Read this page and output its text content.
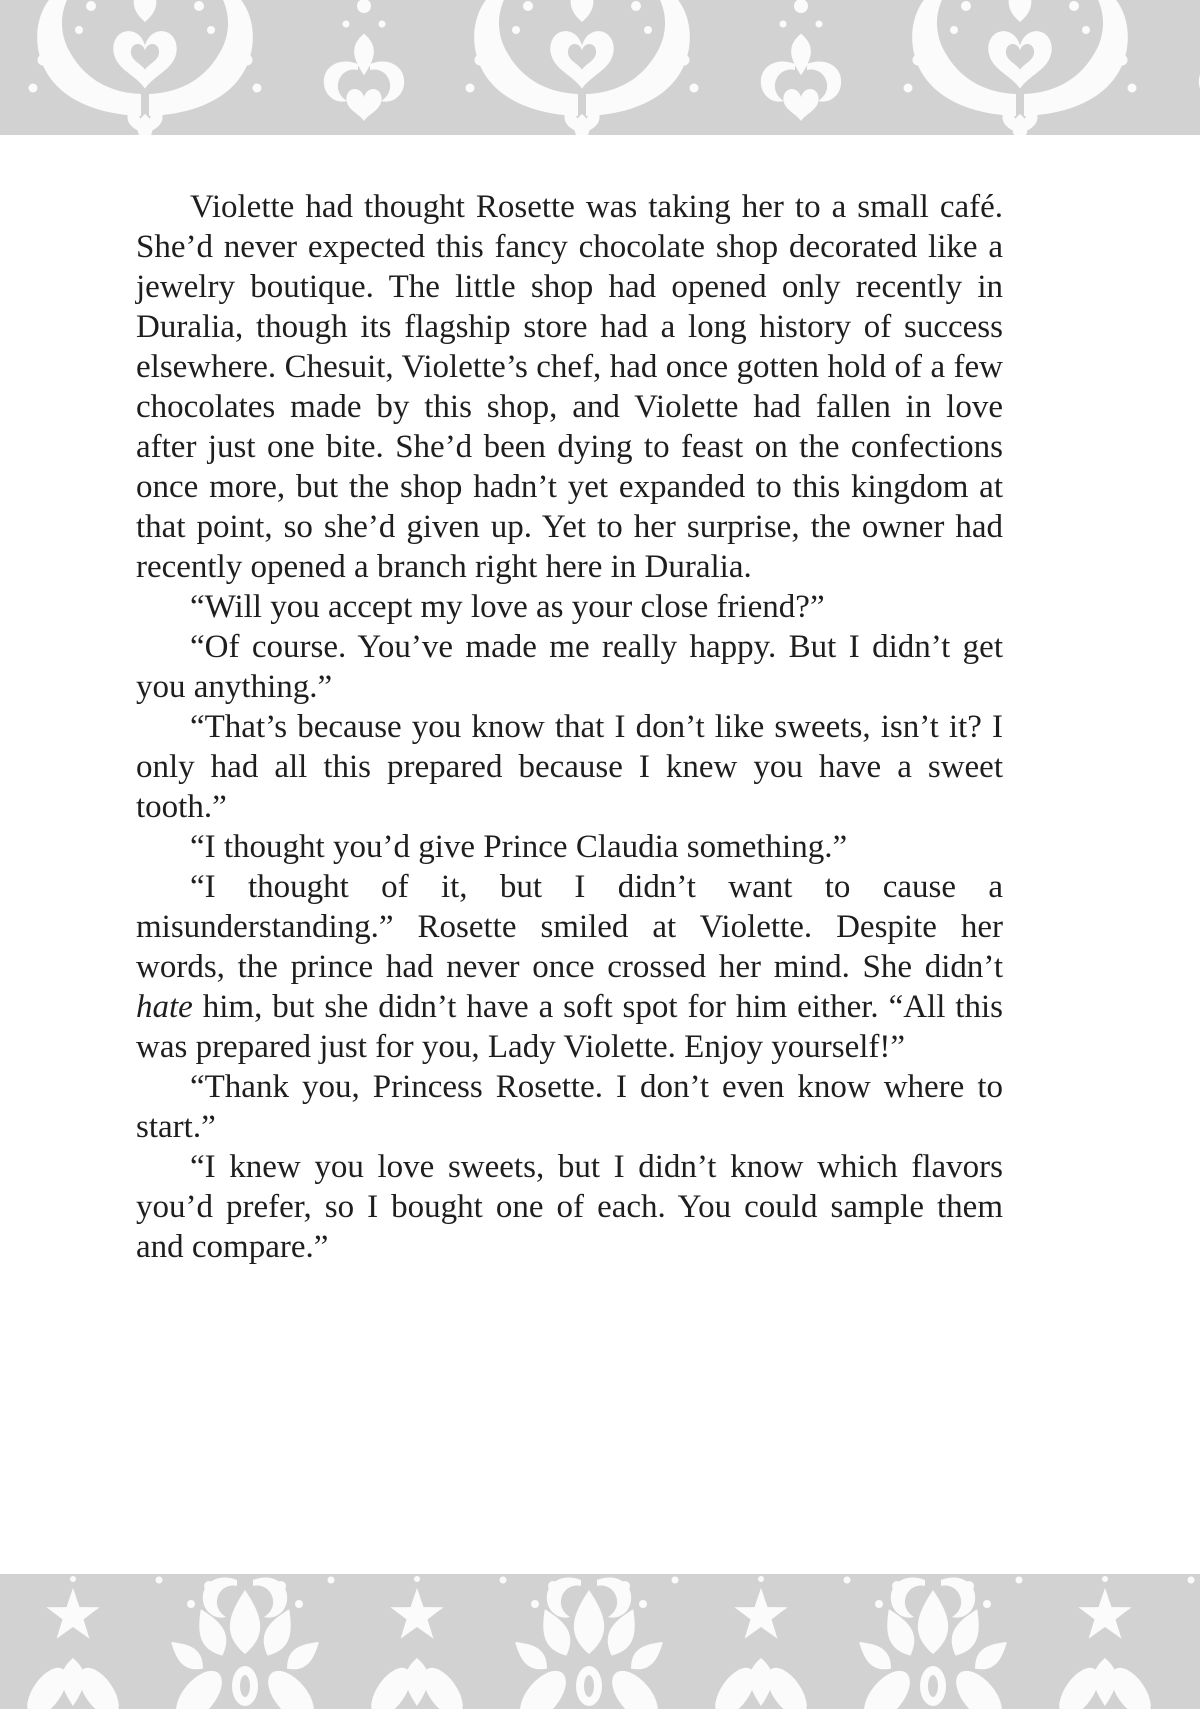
Violette had thought Rosette was taking her to a small café. She’d never expected this fancy chocolate shop decorated like a jewelry boutique. The little shop had opened only recently in Duralia, though its flagship store had a long history of success elsewhere. Chesuit, Violette’s chef, had once gotten hold of a few chocolates made by this shop, and Violette had fallen in love after just one bite. She’d been dying to feast on the confections once more, but the shop hadn’t yet expanded to this kingdom at that point, so she’d given up. Yet to her surprise, the owner had recently opened a branch right here in Duralia.

“Will you accept my love as your close friend?”

“Of course. You’ve made me really happy. But I didn’t get you anything.”

“That’s because you know that I don’t like sweets, isn’t it? I only had all this prepared because I knew you have a sweet tooth.”

“I thought you’d give Prince Claudia something.”

“I thought of it, but I didn’t want to cause a misunderstanding.” Rosette smiled at Violette. Despite her words, the prince had never once crossed her mind. She didn’t hate him, but she didn’t have a soft spot for him either. “All this was prepared just for you, Lady Violette. Enjoy yourself!”

“Thank you, Princess Rosette. I don’t even know where to start.”

“I knew you love sweets, but I didn’t know which flavors you’d prefer, so I bought one of each. You could sample them and compare.”
